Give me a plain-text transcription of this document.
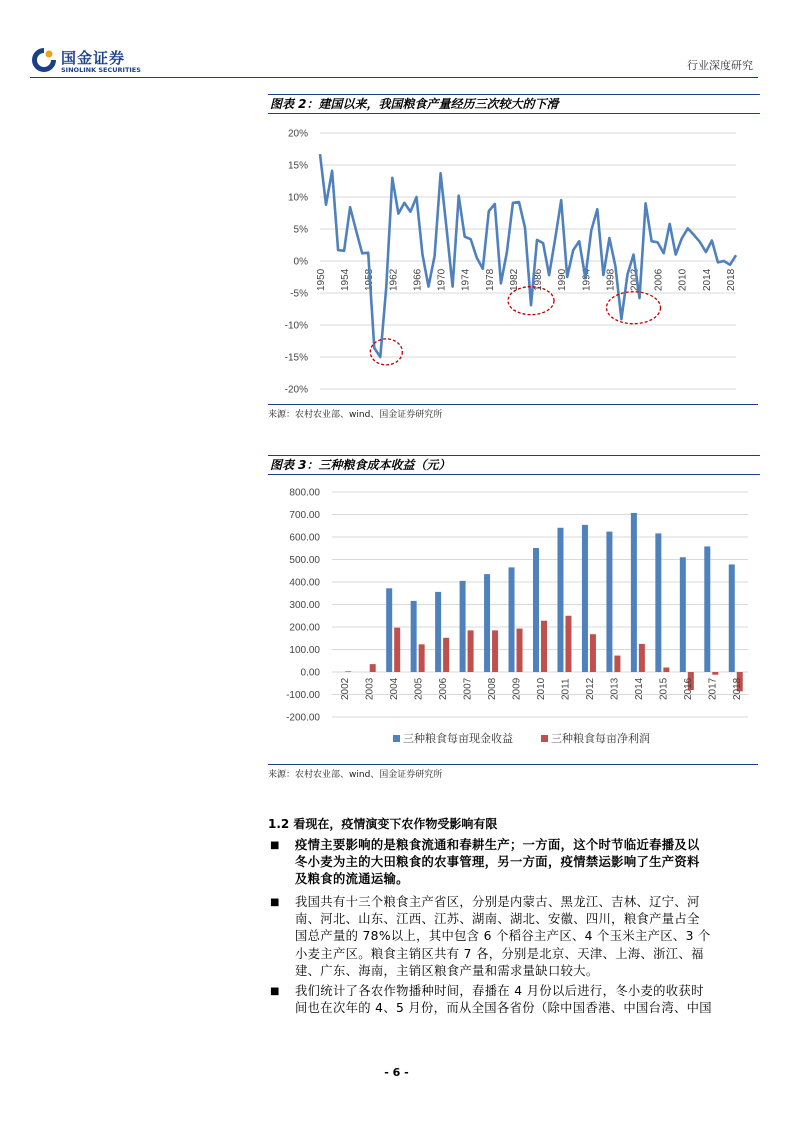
国金证券
SINOLINK SECURITIES	行业深度研究
图表 2：建国以来，我国粮食产量经历三次较大的下滑
20%
15%
10%
5%
0%
-5%
-10%
-15%
-20%
1950 1954 1958 1962 1966 1970 1974 1978 1982 1986 1990 1994 1998 2002 2006 2010 2014 2018
来源：农村农业部、wind、国金证券研究所
图表 3：三种粮食成本收益（元）
800.00
700.00
600.00
500.00
400.00
300.00
200.00
100.00
0.00
-100.00
-200.00
2002 2003 2004 2005 2006 2007 2008 2009 2010 2011 2012 2013 2014 2015 2016 2017 2018
三种粮食每亩现金收益	三种粮食每亩净利润
来源：农村农业部、wind、国金证券研究所
1.2 看现在，疫情演变下农作物受影响有限
■ 疫情主要影响的是粮食流通和春耕生产；一方面，这个时节临近春播及以
冬小麦为主的大田粮食的农事管理，另一方面，疫情禁运影响了生产资料
及粮食的流通运输。
■ 我国共有十三个粮食主产省区，分别是内蒙古、黑龙江、吉林、辽宁、河
南、河北、山东、江西、江苏、湖南、湖北、安徽、四川，粮食产量占全
国总产量的 78%以上，其中包含 6 个稻谷主产区、4 个玉米主产区、3 个
小麦主产区。粮食主销区共有 7 各，分别是北京、天津、上海、浙江、福
建、广东、海南，主销区粮食产量和需求量缺口较大。
■ 我们统计了各农作物播种时间，春播在 4 月份以后进行，冬小麦的收获时
间也在次年的 4、5 月份，而从全国各省份（除中国香港、中国台湾、中国
- 6 -
